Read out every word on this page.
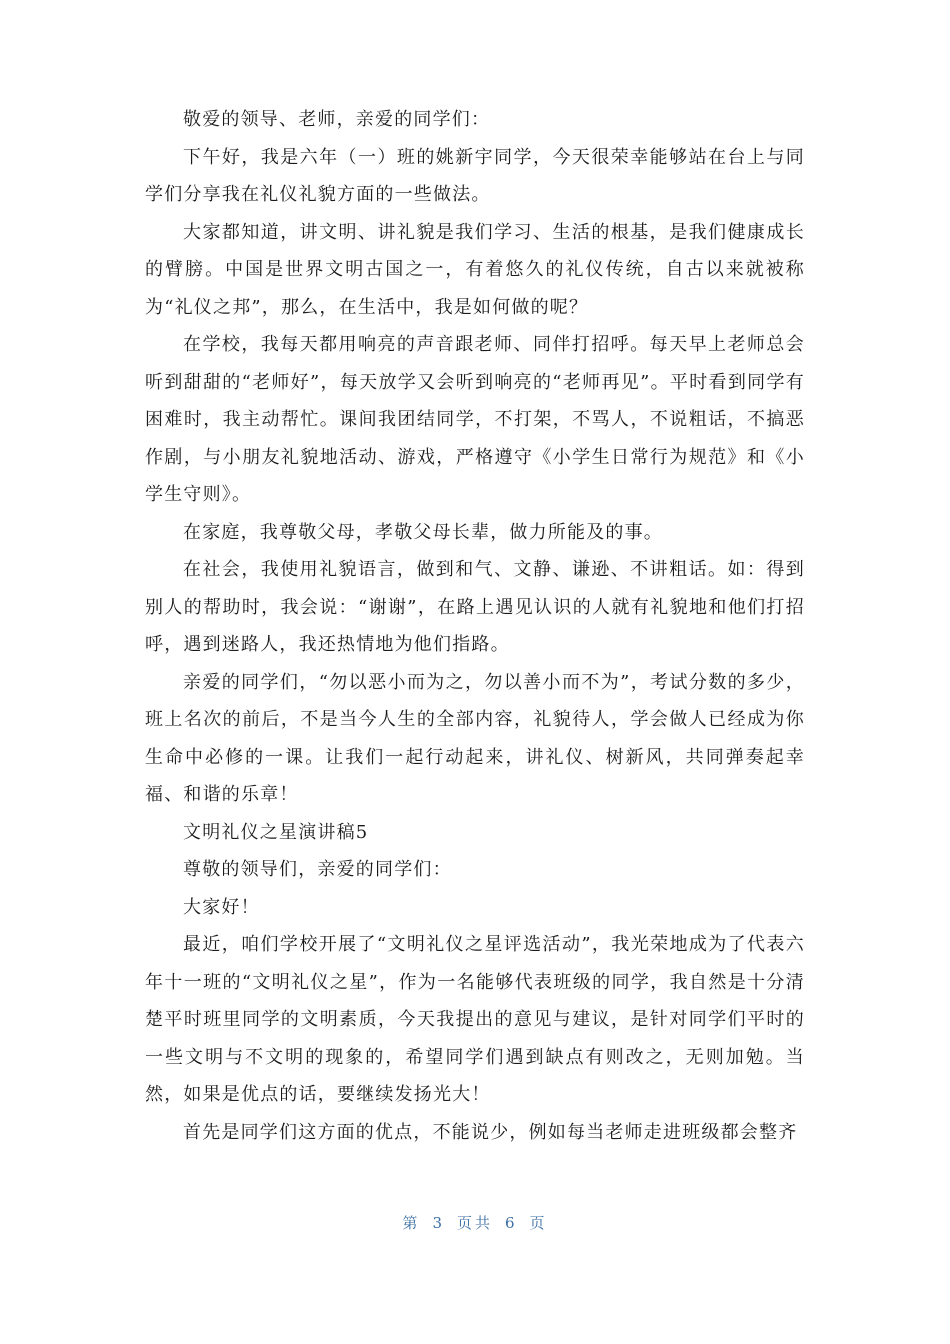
敬爱的领导、老师，亲爱的同学们：

下午好，我是六年（一）班的姚新宇同学，今天很荣幸能够站在台上与同学们分享我在礼仪礼貌方面的一些做法。

大家都知道，讲文明、讲礼貌是我们学习、生活的根基，是我们健康成长的臂膀。中国是世界文明古国之一，有着悠久的礼仪传统，自古以来就被称为“礼仪之邦”，那么，在生活中，我是如何做的呢？

在学校，我每天都用响亮的声音跟老师、同伴打招呼。每天早上老师总会听到甜甜的“老师好”，每天放学又会听到响亮的“老师再见”。平时看到同学有困难时，我主动帮忙。课间我团结同学，不打架，不骂人，不说粗话，不搞恶作剧，与小朋友礼貌地活动、游戏，严格遵守《小学生日常行为规范》和《小学生守则》。

在家庭，我尊敬父母，孝敬父母长辈，做力所能及的事。

在社会，我使用礼貌语言，做到和气、文静、谦逊、不讲粗话。如：得到别人的帮助时，我会说：“谢谢”，在路上遇见认识的人就有礼貌地和他们打招呼，遇到迷路人，我还热情地为他们指路。

亲爱的同学们，“勿以恶小而为之，勿以善小而不为”，考试分数的多少，班上名次的前后，不是当今人生的全部内容，礼貌待人，学会做人已经成为你生命中必修的一课。让我们一起行动起来，讲礼仪、树新风，共同弹奏起幸福、和谐的乐章！

文明礼仪之星演讲稿5

尊敬的领导们，亲爱的同学们：

大家好！

最近，咱们学校开展了“文明礼仪之星评选活动”，我光荣地成为了代表六年十一班的“文明礼仪之星”，作为一名能够代表班级的同学，我自然是十分清楚平时班里同学的文明素质，今天我提出的意见与建议，是针对同学们平时的一些文明与不文明的现象的，希望同学们遇到缺点有则改之，无则加勉。当然，如果是优点的话，要继续发扬光大！

首先是同学们这方面的优点，不能说少，例如每当老师走进班级都会整齐

第 3 页共 6 页
